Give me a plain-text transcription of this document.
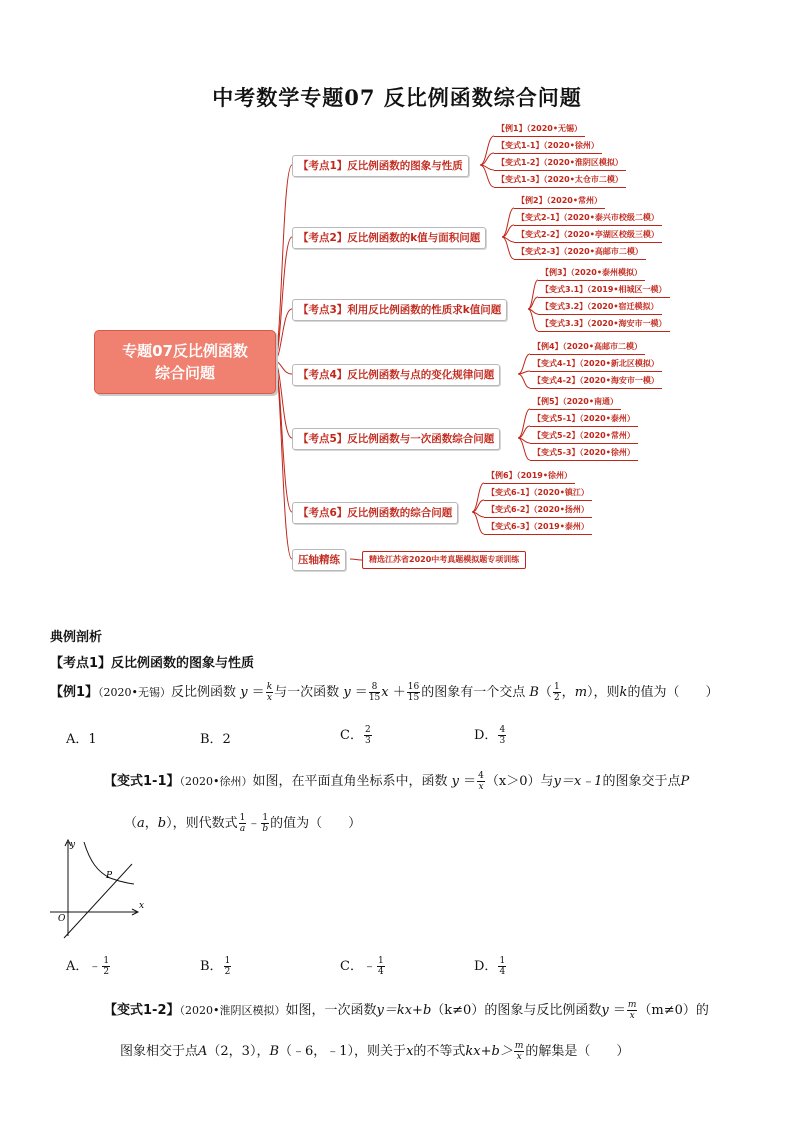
中考数学专题07 反比例函数综合问题
专题07反比例函数
综合问题
【考点1】反比例函数的图象与性质
【例1】（2020•无锡）
【变式1-1】（2020•徐州）
【变式1-2】（2020•淮阴区模拟）
【变式1-3】（2020•太仓市二模）
【考点2】反比例函数的k值与面积问题
【例2】（2020•常州）
【变式2-1】（2020•泰兴市校级二模）
【变式2-2】（2020•亭湖区校级三模）
【变式2-3】（2020•高邮市二模）
【考点3】利用反比例函数的性质求k值问题
【例3】（2020•泰州模拟）
【变式3.1】（2019•相城区一模）
【变式3.2】（2020•宿迁模拟）
【变式3.3】（2020•海安市一模）
【考点4】反比例函数与点的变化规律问题
【例4】（2020•高邮市二模）
【变式4-1】（2020•新北区模拟）
【变式4-2】（2020•海安市一模）
【考点5】反比例函数与一次函数综合问题
【例5】（2020•南通）
【变式5-1】（2020•泰州）
【变式5-2】（2020•常州）
【变式5-3】（2020•徐州）
【考点6】反比例函数的综合问题
【例6】（2019•徐州）
【变式6-1】（2020•镇江）
【变式6-2】（2020•扬州）
【变式6-3】（2019•泰州）
压轴精练	精选江苏省2020中考真题模拟题专项训练
典例剖析
【考点1】反比例函数的图象与性质
【例1】（2020•无锡）反比例函数 $y = \frac{k}{x}$ 与一次函数 $y = \frac{8}{15}$ $x + \frac{16}{15}$ 的图象有一个交点 $B( \frac{1}{2}$ ，m），则k的值为（　　）
A．1	B．2	C． $\frac{2}{3}$	D． $\frac{4}{3}$
【变式1-1】（2020•徐州）如图，在平面直角坐标系中，函数 $y = \frac{4}{x} (x>0)$与y＝x﹣1的图象交于点P
（a，b），则代数式 $\frac{1}{a}$ ﹣ $\frac{1}{b}$ 的值为（　　）
y
x
O
P
A．﹣ $\frac{1}{2}$	B． $\frac{1}{2}$	C．﹣ $\frac{1}{4}$	D． $\frac{1}{4}$
【变式1-2】（2020•淮阴区模拟）如图，一次函数y＝kx+b（k≠0）的图象与反比例函数$y = \frac{m}{x} (m\ne 0)$的
图象相交于点A（2，3），B（﹣6，﹣1），则关于x的不等式$kx+b> \frac{m}{x}$ 的解集是（　　）
